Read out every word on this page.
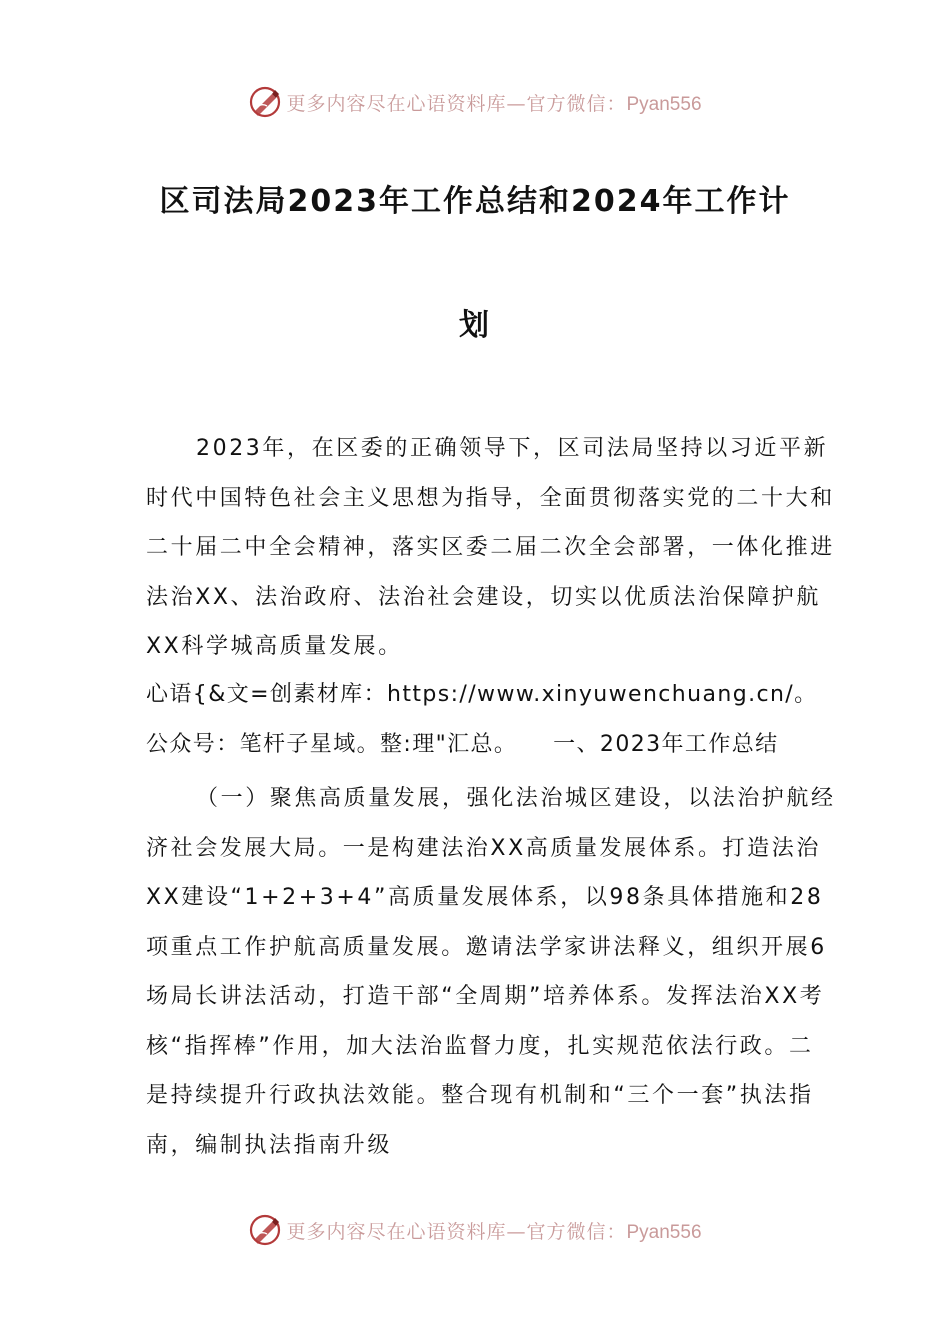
更多内容尽在心语资料库—官方微信：Pyan556
区司法局2023年工作总结和2024年工作计
划

2023年，在区委的正确领导下，区司法局坚持以习近平新时代中国特色社会主义思想为指导，全面贯彻落实党的二十大和二十届二中全会精神，落实区委二届二次全会部署，一体化推进法治XX、法治政府、法治社会建设，切实以优质法治保障护航XX科学城高质量发展。

心语{&文=创素材库：https://www.xinyuwenchuang.cn/。公众号：笔杆子星域。整:理"汇总。　　一、2023年工作总结

（一）聚焦高质量发展，强化法治城区建设，以法治护航经济社会发展大局。一是构建法治XX高质量发展体系。打造法治XX建设“1+2+3+4”高质量发展体系，以98条具体措施和28项重点工作护航高质量发展。邀请法学家讲法释义，组织开展6场局长讲法活动，打造干部“全周期”培养体系。发挥法治XX考核“指挥棒”作用，加大法治监督力度，扎实规范依法行政。二是持续提升行政执法效能。整合现有机制和“三个一套”执法指南，编制执法指南升级

更多内容尽在心语资料库—官方微信：Pyan556
